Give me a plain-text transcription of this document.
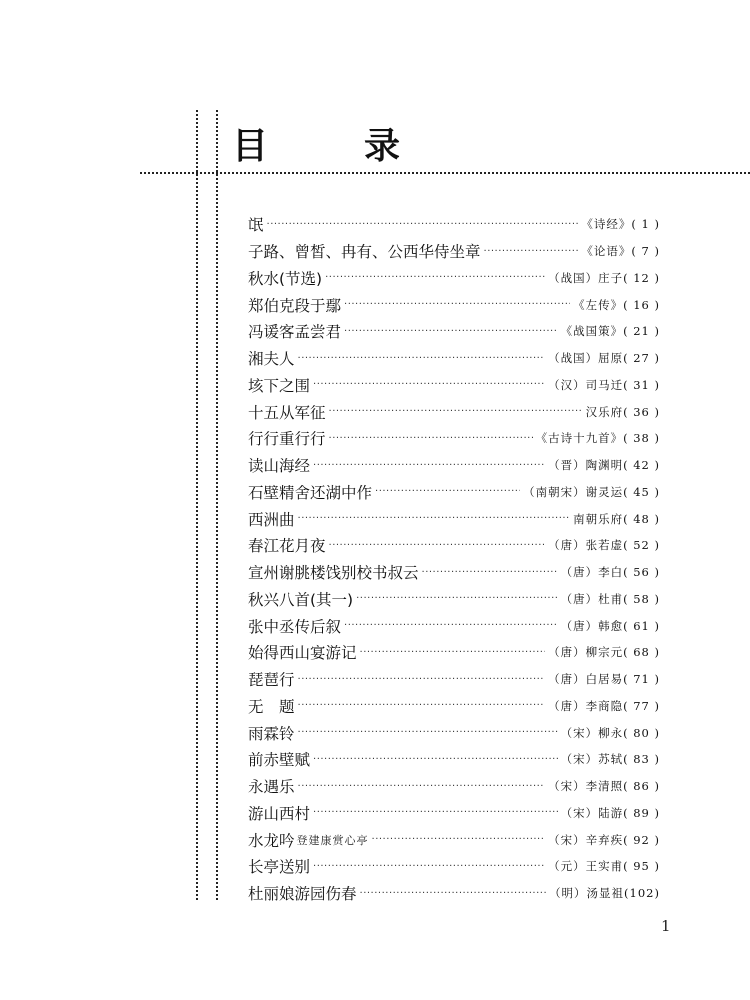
目　录
氓 ·····	《诗经》( 1 )
子路、曾皙、冉有、公西华侍坐章 ·····	《论语》( 7 )
秋水(节选) ·····	（战国）庄子( 12 )
郑伯克段于鄢 ·····	《左传》( 16 )
冯谖客孟尝君 ·····	《战国策》( 21 )
湘夫人 ·····	（战国）屈原( 27 )
垓下之围 ·····	（汉）司马迁( 31 )
十五从军征 ·····	汉乐府( 36 )
行行重行行 ·····	《古诗十九首》( 38 )
读山海经 ·····	（晋）陶渊明( 42 )
石壁精舍还湖中作 ·····	（南朝宋）谢灵运( 45 )
西洲曲 ·····	南朝乐府( 48 )
春江花月夜 ·····	（唐）张若虚( 52 )
宣州谢朓楼饯别校书叔云 ·····	（唐）李白( 56 )
秋兴八首(其一) ·····	（唐）杜甫( 58 )
张中丞传后叙 ·····	（唐）韩愈( 61 )
始得西山宴游记 ·····	（唐）柳宗元( 68 )
琵琶行 ·····	（唐）白居易( 71 )
无　题 ·····	（唐）李商隐( 77 )
雨霖铃 ·····	（宋）柳永( 80 )
前赤壁赋 ·····	（宋）苏轼( 83 )
永遇乐 ·····	（宋）李清照( 86 )
游山西村 ·····	（宋）陆游( 89 )
水龙吟 登建康赏心亭 ·····	（宋）辛弃疾( 92 )
长亭送别 ·····	（元）王实甫( 95 )
杜丽娘游园伤春 ·····	（明）汤显祖(102)
1
